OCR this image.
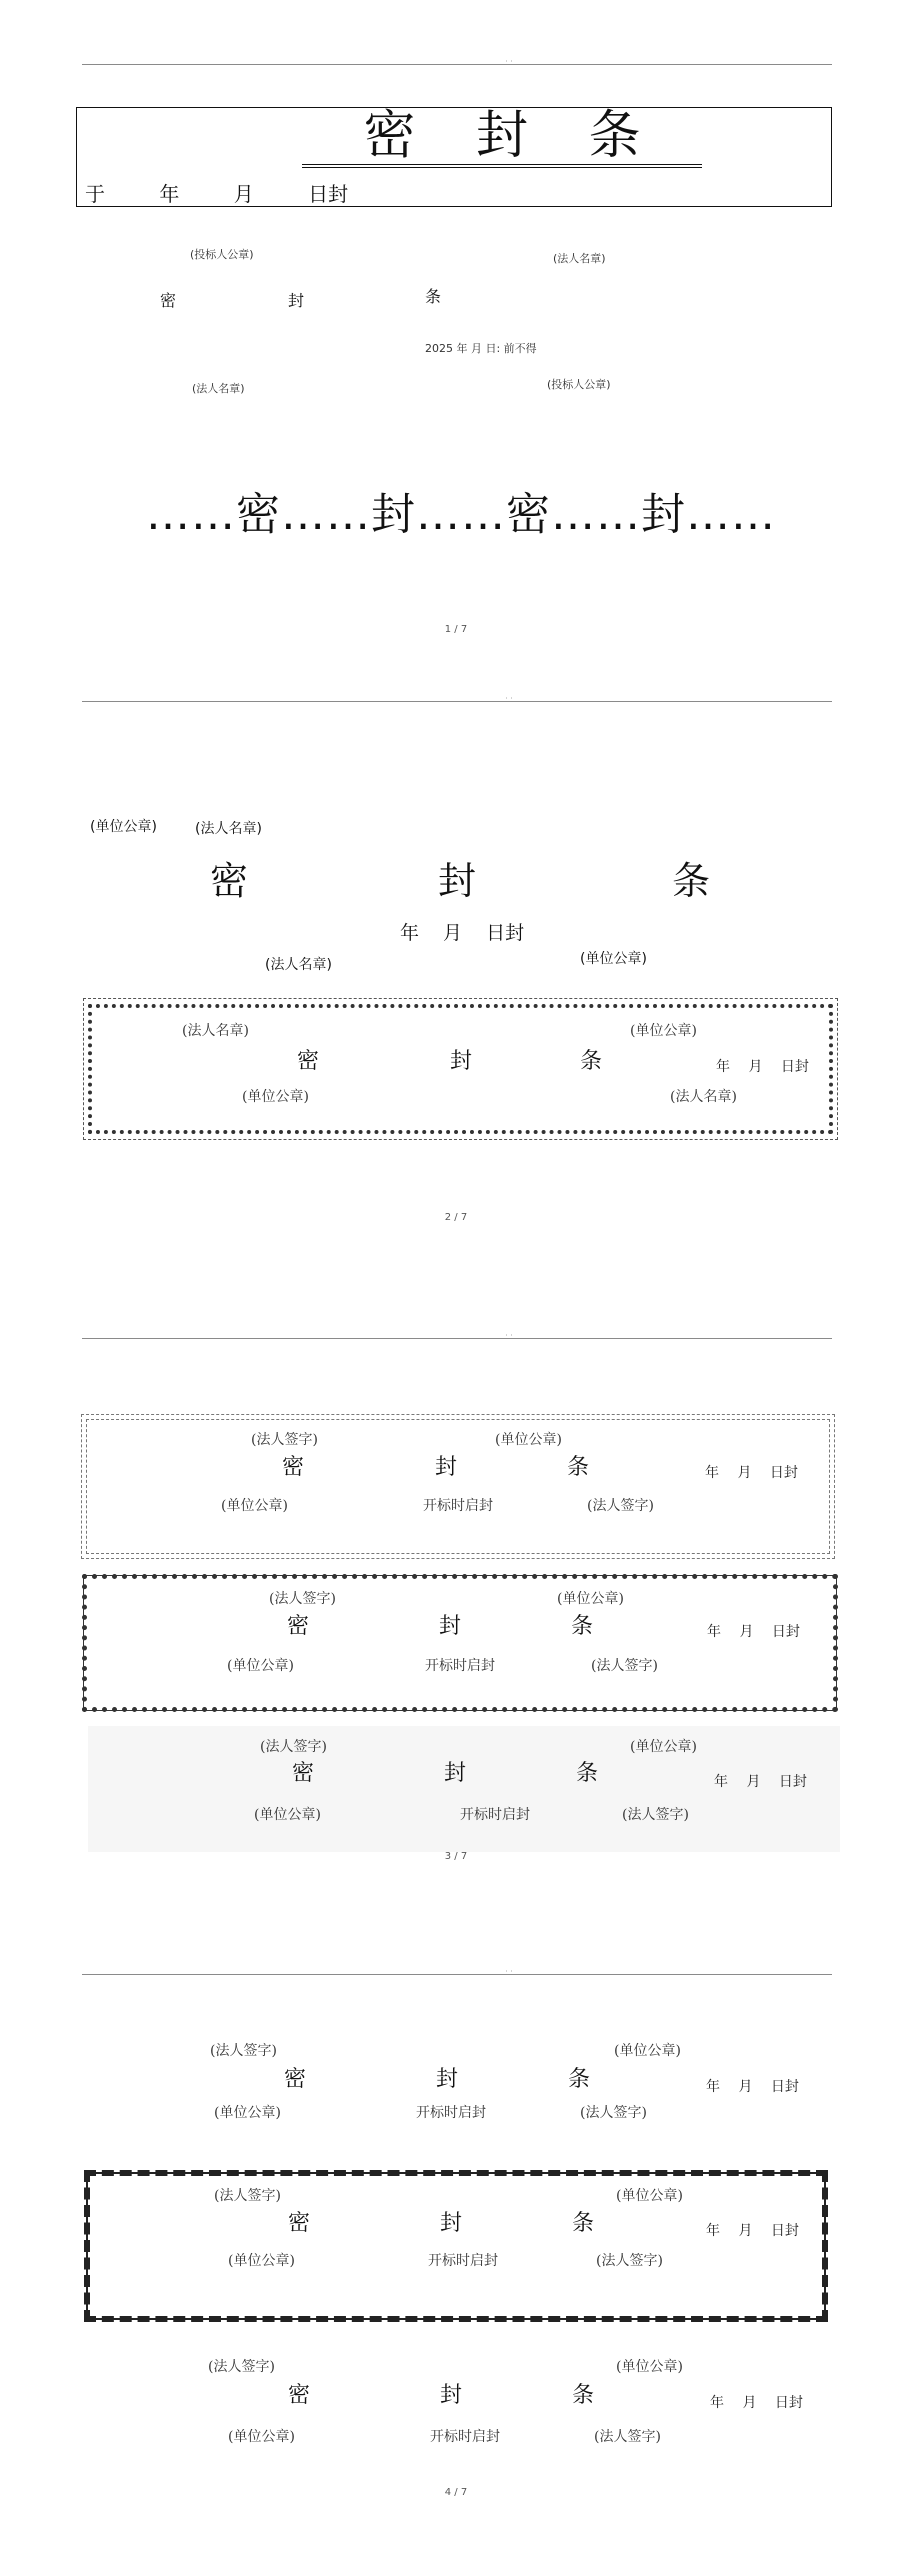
· ·
密 封 条
于 年 月 日封
(投标人公章)	(法人名章)
密	封	条
2025 年 月 日: 前不得
(法人名章)	(投标人公章)
……密……封……密……封……
1 / 7
· ·
(单位公章)	(法人名章)
密	封	条
年 月 日封
(法人名章)	(单位公章)
(法人名章)	(单位公章)
密	封	条	年 月 日封
(单位公章)	(法人名章)
2 / 7
· ·
(法人签字)	(单位公章)
密	封	条	年 月 日封
(单位公章)	开标时启封	(法人签字)
(法人签字)	(单位公章)
密	封	条	年 月 日封
(单位公章)	开标时启封	(法人签字)
(法人签字)	(单位公章)
密	封	条	年 月 日封
(单位公章)	开标时启封	(法人签字)
3 / 7
· ·
(法人签字)	(单位公章)
密	封	条	年 月 日封
(单位公章)	开标时启封	(法人签字)
(法人签字)	(单位公章)
密	封	条	年 月 日封
(单位公章)	开标时启封	(法人签字)
(法人签字)	(单位公章)
密	封	条	年 月 日封
(单位公章)	开标时启封	(法人签字)
4 / 7
